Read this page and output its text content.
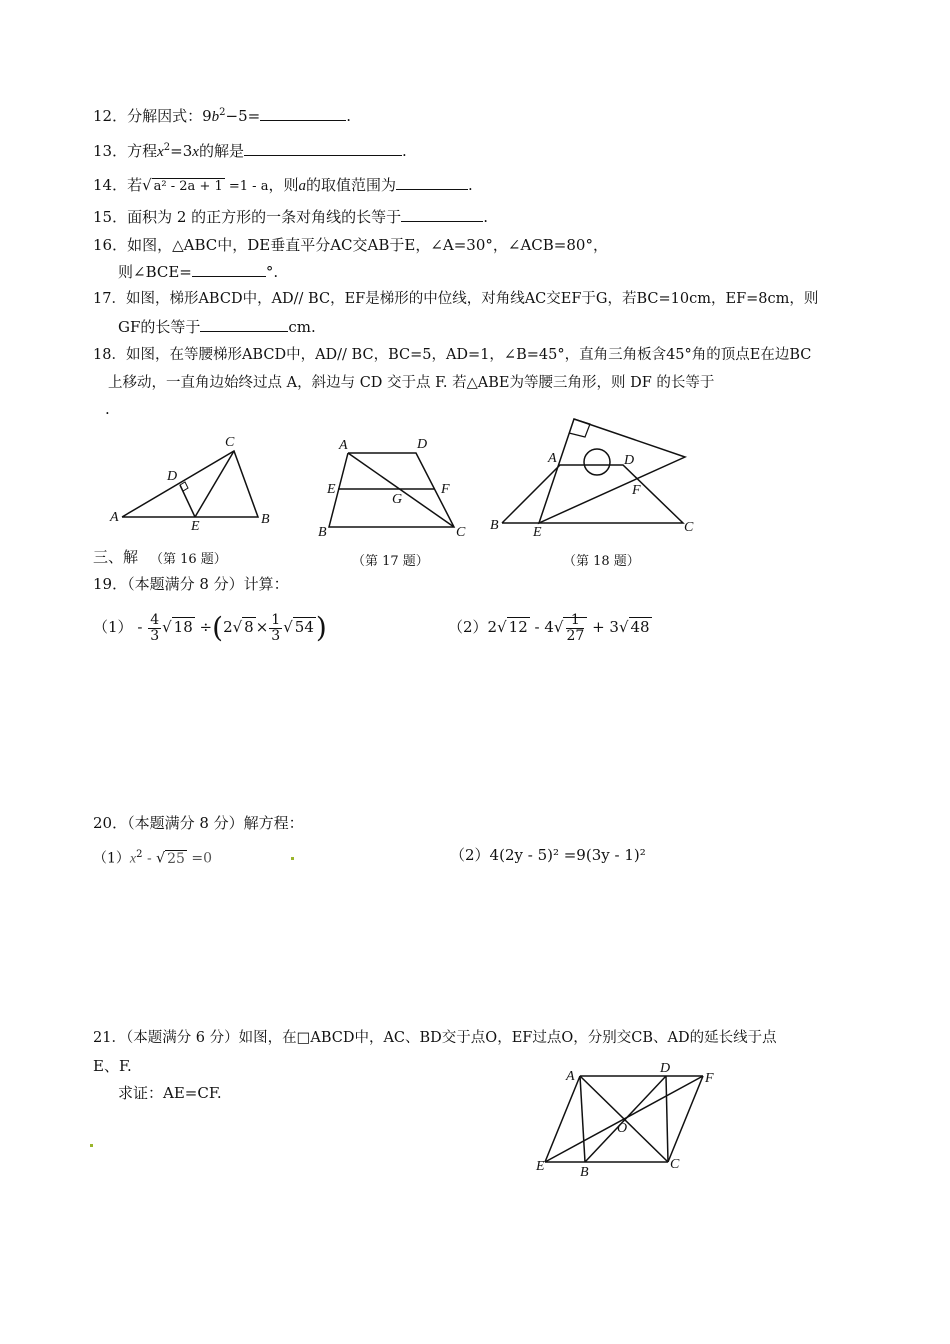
12．分解因式：$9b^2-5=$	.
13．方程$x^2=3x$的解是	.
14．若√ a² - 2a + 1 =1 - a，则a的取值范围为	.
15．面积为 2 的正方形的一条对角线的长等于	.
16．如图，△ABC中，DE垂直平分AC交AB于E，∠A=30°，∠ACB=80°，
则∠BCE=	°.
17．如图，梯形ABCD中，AD// BC，EF是梯形的中位线，对角线AC交EF于G，若BC=10cm，EF=8cm，则
GF的长等于	cm.
18．如图，在等腰梯形ABCD中，AD// BC，BC=5，AD=1，∠B=45°，直角三角板含45°角的顶点E在边BC
上移动，一直角边始终过点 A，斜边与 CD 交于点 F. 若△ABE为等腰三角形，则 DF 的长等于
.
A	B
C
D
E
A
B	C
D
E	F
G
A
B	C
D
E
F
三、解 （第 16 题）	（第 17 题）	（第 18 题）
19．（本题满分 8 分）计算：
$(1) - \frac{4}{3}$ √ 18 ÷(2√ $8 \times \frac{1}{3}$ √ 54)	（2）2√ $12 - 4√ \frac{1}{27} + 3√$ 48
20．（本题满分 8 分）解方程：
$(1)x^2$ - √ 25 =0	（2）4(2y - 5)² =9(3y - 1)²
21．（本题满分 6 分）如图，在□ABCD中，AC、BD交于点O，EF过点O，分别交CB、AD的延长线于点
E、F.
求证：AE=CF.
A
B
C
D
E
F
O
